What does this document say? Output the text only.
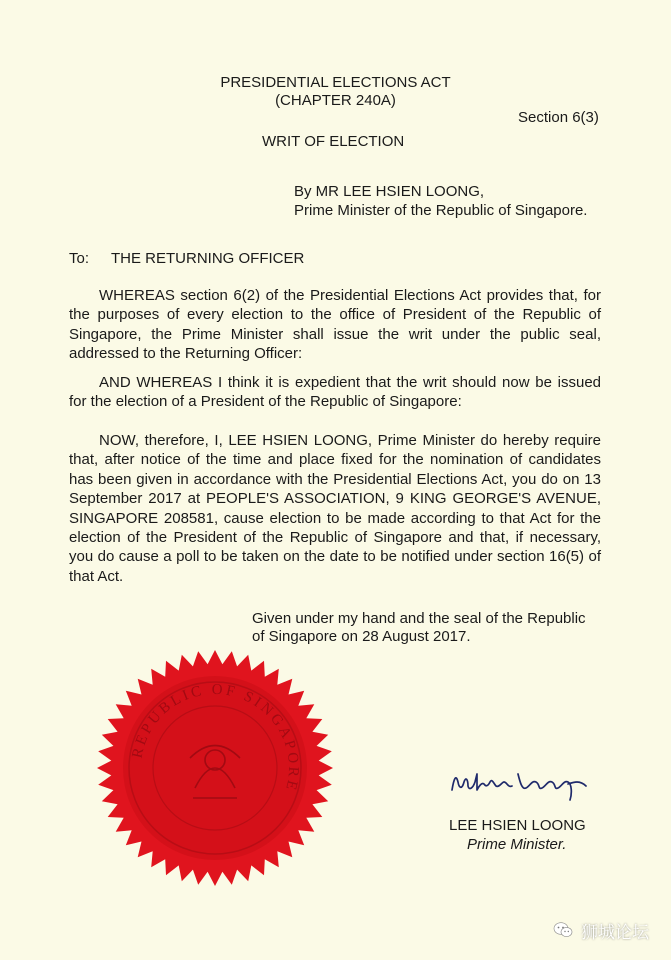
PRESIDENTIAL ELECTIONS ACT
(CHAPTER 240A)
Section 6(3)
WRIT OF ELECTION
By MR LEE HSIEN LOONG,
Prime Minister of the Republic of Singapore.
To: THE RETURNING OFFICER
WHEREAS section 6(2) of the Presidential Elections Act provides that, for the purposes of every election to the office of President of the Republic of Singapore, the Prime Minister shall issue the writ under the public seal, addressed to the Returning Officer:
AND WHEREAS I think it is expedient that the writ should now be issued for the election of a President of the Republic of Singapore:
NOW, therefore, I, LEE HSIEN LOONG, Prime Minister do hereby require that, after notice of the time and place fixed for the nomination of candidates has been given in accordance with the Presidential Elections Act, you do on 13 September 2017 at PEOPLE'S ASSOCIATION, 9 KING GEORGE'S AVENUE, SINGAPORE 208581, cause election to be made according to that Act for the election of the President of the Republic of Singapore and that, if necessary, you do cause a poll to be taken on the date to be notified under section 16(5) of that Act.
Given under my hand and the seal of the Republic
of Singapore on 28 August 2017.
REPUBLIC OF SINGAPORE
LEE HSIEN LOONG
Prime Minister.
狮城论坛
